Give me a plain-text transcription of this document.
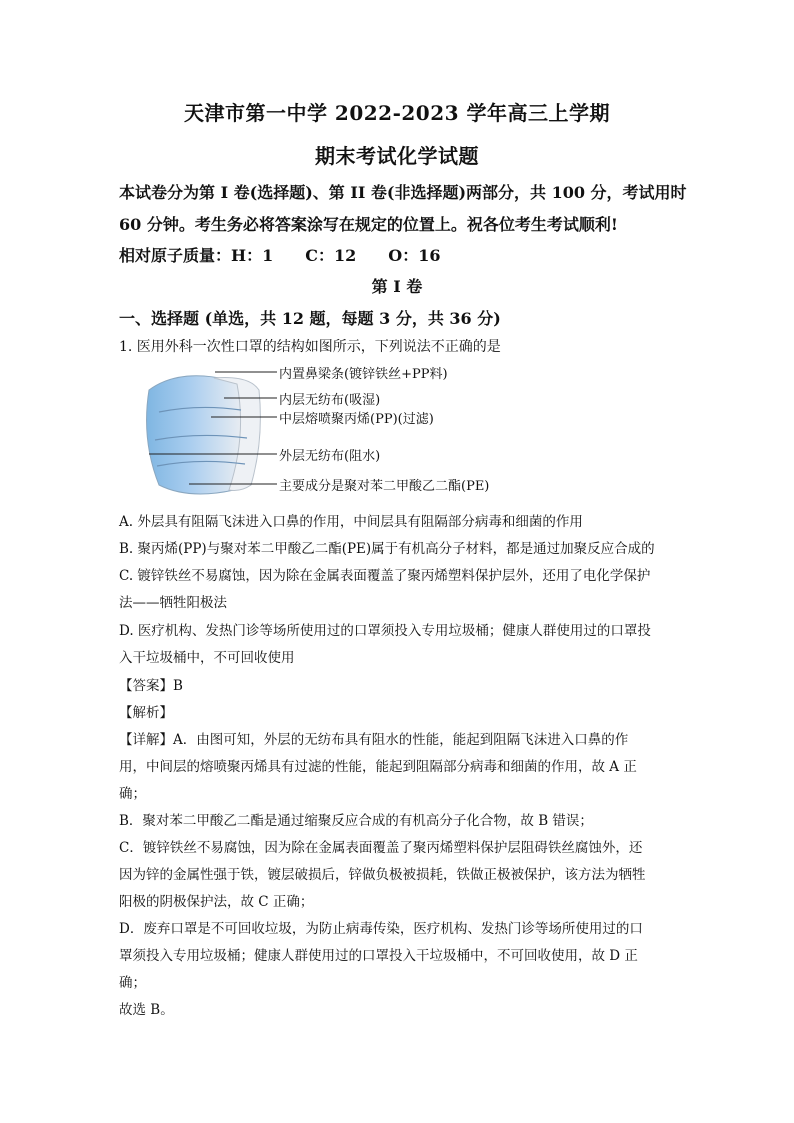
天津市第一中学 2022-2023 学年高三上学期
期末考试化学试题
本试卷分为第 I 卷(选择题)、第 II 卷(非选择题)两部分，共 100 分，考试用时
60 分钟。考生务必将答案涂写在规定的位置上。祝各位考生考试顺利!
相对原子质量：H：1　　C：12　　O：16
第 I 卷
一、选择题 (单选，共 12 题，每题 3 分，共 36 分)
1. 医用外科一次性口罩的结构如图所示，下列说法不正确的是
内置鼻梁条(镀锌铁丝+PP料)
内层无纺布(吸湿)
中层熔喷聚丙烯(PP)(过滤)
外层无纺布(阻水)
主要成分是聚对苯二甲酸乙二酯(PE)
A. 外层具有阻隔飞沫进入口鼻的作用，中间层具有阻隔部分病毒和细菌的作用
B. 聚丙烯(PP)与聚对苯二甲酸乙二酯(PE)属于有机高分子材料，都是通过加聚反应合成的
C. 镀锌铁丝不易腐蚀，因为除在金属表面覆盖了聚丙烯塑料保护层外，还用了电化学保护
法——牺牲阳极法
D. 医疗机构、发热门诊等场所使用过的口罩须投入专用垃圾桶；健康人群使用过的口罩投
入干垃圾桶中，不可回收使用
【答案】B
【解析】
【详解】A．由图可知，外层的无纺布具有阻水的性能，能起到阻隔飞沫进入口鼻的作
用，中间层的熔喷聚丙烯具有过滤的性能，能起到阻隔部分病毒和细菌的作用，故 A 正
确；
B．聚对苯二甲酸乙二酯是通过缩聚反应合成的有机高分子化合物，故 B 错误；
C．镀锌铁丝不易腐蚀，因为除在金属表面覆盖了聚丙烯塑料保护层阻碍铁丝腐蚀外，还
因为锌的金属性强于铁，镀层破损后，锌做负极被损耗，铁做正极被保护，该方法为牺牲
阳极的阴极保护法，故 C 正确；
D．废弃口罩是不可回收垃圾，为防止病毒传染，医疗机构、发热门诊等场所使用过的口
罩须投入专用垃圾桶；健康人群使用过的口罩投入干垃圾桶中，不可回收使用，故 D 正
确；
故选 B。
